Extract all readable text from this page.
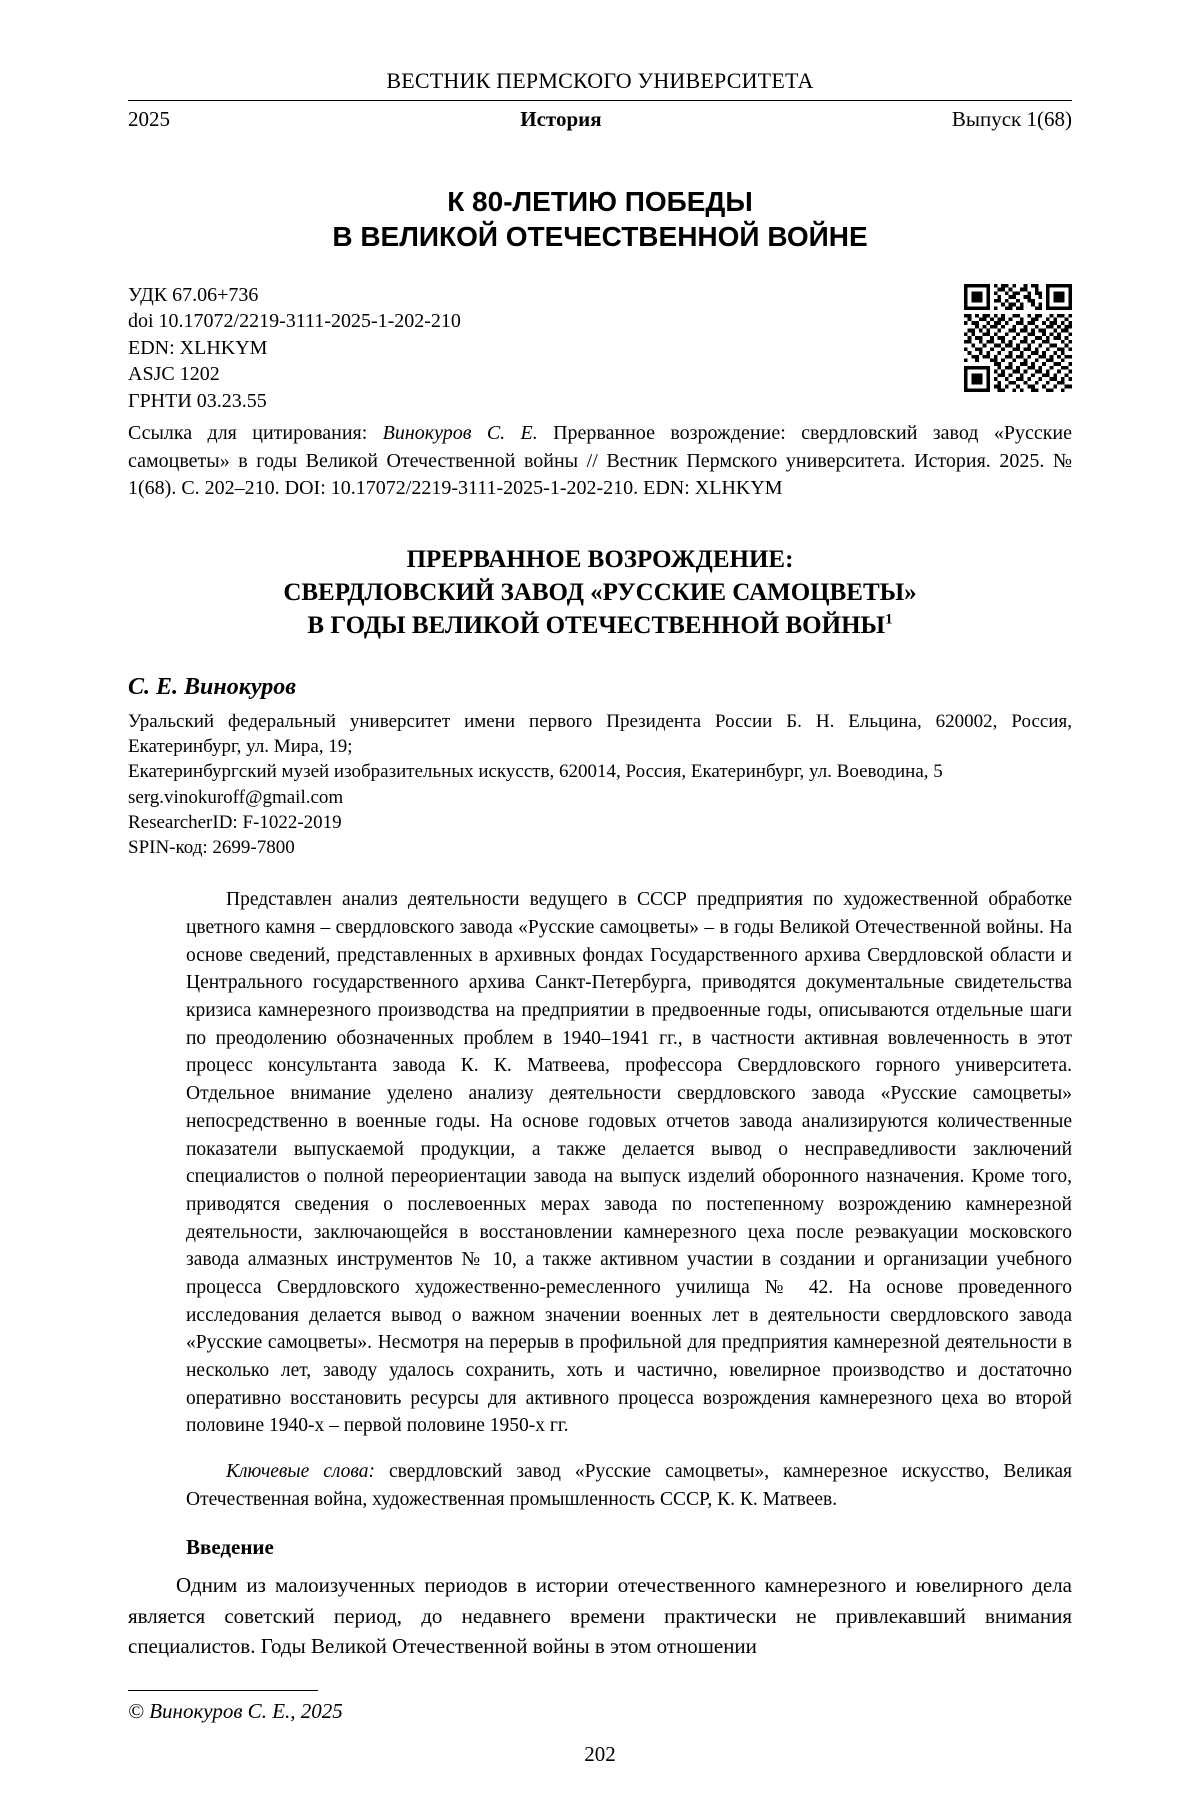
ВЕСТНИК ПЕРМСКОГО УНИВЕРСИТЕТА
2025	История	Выпуск 1(68)
К 80-ЛЕТИЮ ПОБЕДЫ
В ВЕЛИКОЙ ОТЕЧЕСТВЕННОЙ ВОЙНЕ
УДК 67.06+736
doi 10.17072/2219-3111-2025-1-202-210
EDN: XLHKYM
ASJC 1202
ГРНТИ 03.23.55
Ссылка для цитирования: Винокуров С. Е. Прерванное возрождение: свердловский завод «Русские самоцветы» в годы Великой Отечественной войны // Вестник Пермского университета. История. 2025. № 1(68). С. 202–210. DOI: 10.17072/2219-3111-2025-1-202-210. EDN: XLHKYM
ПРЕРВАННОЕ ВОЗРОЖДЕНИЕ:
СВЕРДЛОВСКИЙ ЗАВОД «РУССКИЕ САМОЦВЕТЫ»
В ГОДЫ ВЕЛИКОЙ ОТЕЧЕСТВЕННОЙ ВОЙНЫ$^1$
С. Е. Винокуров
Уральский федеральный университет имени первого Президента России Б. Н. Ельцина, 620002, Россия, Екатеринбург, ул. Мира, 19;
Екатеринбургский музей изобразительных искусств, 620014, Россия, Екатеринбург, ул. Воеводина, 5
serg.vinokuroff@gmail.com
ResearcherID: F-1022-2019
SPIN-код: 2699-7800
Представлен анализ деятельности ведущего в СССР предприятия по художественной обработке цветного камня – свердловского завода «Русские самоцветы» – в годы Великой Отечественной войны. На основе сведений, представленных в архивных фондах Государственного архива Свердловской области и Центрального государственного архива Санкт-Петербурга, приводятся документальные свидетельства кризиса камнерезного производства на предприятии в предвоенные годы, описываются отдельные шаги по преодолению обозначенных проблем в 1940–1941 гг., в частности активная вовлеченность в этот процесс консультанта завода К. К. Матвеева, профессора Свердловского горного университета. Отдельное внимание уделено анализу деятельности свердловского завода «Русские самоцветы» непосредственно в военные годы. На основе годовых отчетов завода анализируются количественные показатели выпускаемой продукции, а также делается вывод о несправедливости заключений специалистов о полной переориентации завода на выпуск изделий оборонного назначения. Кроме того, приводятся сведения о послевоенных мерах завода по постепенному возрождению камнерезной деятельности, заключающейся в восстановлении камнерезного цеха после реэвакуации московского завода алмазных инструментов № 10, а также активном участии в создании и организации учебного процесса Свердловского художественно-ремесленного училища № 42. На основе проведенного исследования делается вывод о важном значении военных лет в деятельности свердловского завода «Русские самоцветы». Несмотря на перерыв в профильной для предприятия камнерезной деятельности в несколько лет, заводу удалось сохранить, хоть и частично, ювелирное производство и достаточно оперативно восстановить ресурсы для активного процесса возрождения камнерезного цеха во второй половине 1940-х – первой половине 1950-х гг.
Ключевые слова: свердловский завод «Русские самоцветы», камнерезное искусство, Великая Отечественная война, художественная промышленность СССР, К. К. Матвеев.
Введение
Одним из малоизученных периодов в истории отечественного камнерезного и ювелирного дела является советский период, до недавнего времени практически не привлекавший внимания специалистов. Годы Великой Отечественной войны в этом отношении
© Винокуров С. Е., 2025
202
